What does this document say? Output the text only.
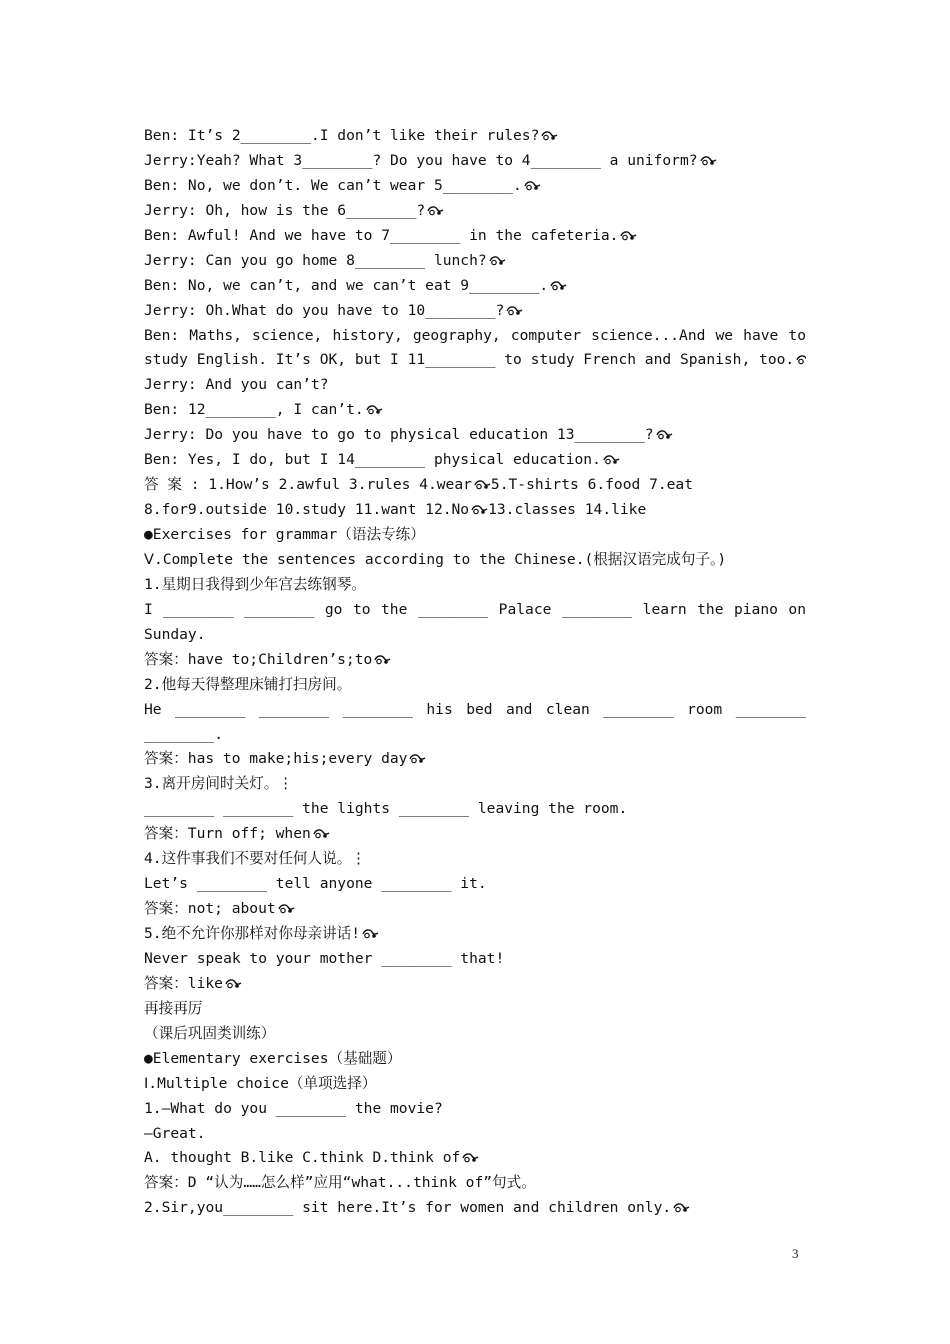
Ben: It’s 2________.I don’t like their rules?
Jerry:Yeah? What 3________? Do you have to 4________ a uniform?
Ben: No, we don’t. We can’t wear 5________.
Jerry: Oh, how is the 6________?
Ben: Awful! And we have to 7________ in the cafeteria.
Jerry: Can you go home 8________ lunch?
Ben: No, we can’t, and we can’t eat 9________.
Jerry: Oh.What do you have to 10________?
Ben: Maths, science, history, geography, computer science...And we have to
study English. It’s OK, but I 11________ to study French and Spanish, too.
Jerry: And you can’t?
Ben: 12________, I can’t.
Jerry: Do you have to go to physical education 13________?
Ben: Yes, I do, but I 14________ physical education.
答 案 : 1.How’s 2.awful 3.rules 4.wear 5.T-shirts 6.food 7.eat
8.for9.outside 10.study 11.want 12.No 13.classes 14.like
●Exercises for grammar（语法专练）
Ⅴ.Complete the sentences according to the Chinese.(根据汉语完成句子。)
1.星期日我得到少年宫去练钢琴。
I ________ ________ go to the ________ Palace ________ learn the piano on
Sunday.
答案：have to;Children’s;to
2.他每天得整理床铺打扫房间。
He ________ ________ ________ his bed and clean ________ room ________
________.
答案：has to make;his;every day
3.离开房间时关灯。⋮
________ ________ the lights ________ leaving the room.
答案：Turn off; when
4.这件事我们不要对任何人说。⋮
Let’s ________ tell anyone ________ it.
答案：not; about
5.绝不允许你那样对你母亲讲话!
Never speak to your mother ________ that!
答案：like
再接再厉
（课后巩固类训练）
●Elementary exercises（基础题）
Ⅰ.Multiple choice（单项选择）
1.—What do you ________ the movie?
—Great.
A. thought B.like C.think D.think of
答案：D “认为……怎么样”应用“what...think of”句式。
2.Sir,you________ sit here.It’s for women and children only.
3
